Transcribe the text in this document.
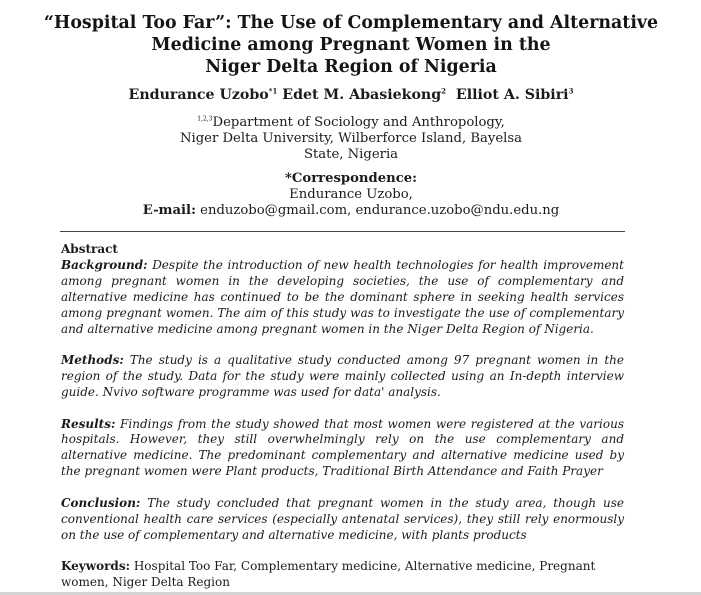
“Hospital Too Far”: The Use of Complementary and Alternative
Medicine among Pregnant Women in the
Niger Delta Region of Nigeria
Endurance Uzobo$^{*1}$ Edet M. Abasiekong$^2$ Elliot A. Sibiri$^3$
$^{1,2,3}$Department of Sociology and Anthropology,
Niger Delta University, Wilberforce Island, Bayelsa
State, Nigeria
*Correspondence:
Endurance Uzobo,
E-mail: enduzobo@gmail.com, endurance.uzobo@ndu.edu.ng
Abstract

Background: Despite the introduction of new health technologies for health improvement among pregnant women in the developing societies, the use of complementary and alternative medicine has continued to be the dominant sphere in seeking health services among pregnant women. The aim of this study was to investigate the use of complementary and alternative medicine among pregnant women in the Niger Delta Region of Nigeria.

Methods: The study is a qualitative study conducted among 97 pregnant women in the region of the study. Data for the study were mainly collected using an In-depth interview guide. Nvivo software programme was used for data' analysis.

Results: Findings from the study showed that most women were registered at the various hospitals. However, they still overwhelmingly rely on the use complementary and alternative medicine. The predominant complementary and alternative medicine used by the pregnant women were Plant products, Traditional Birth Attendance and Faith Prayer

Conclusion: The study concluded that pregnant women in the study area, though use conventional health care services (especially antenatal services), they still rely enormously on the use of complementary and alternative medicine, with plants products

Keywords: Hospital Too Far, Complementary medicine, Alternative medicine, Pregnant women, Niger Delta Region
